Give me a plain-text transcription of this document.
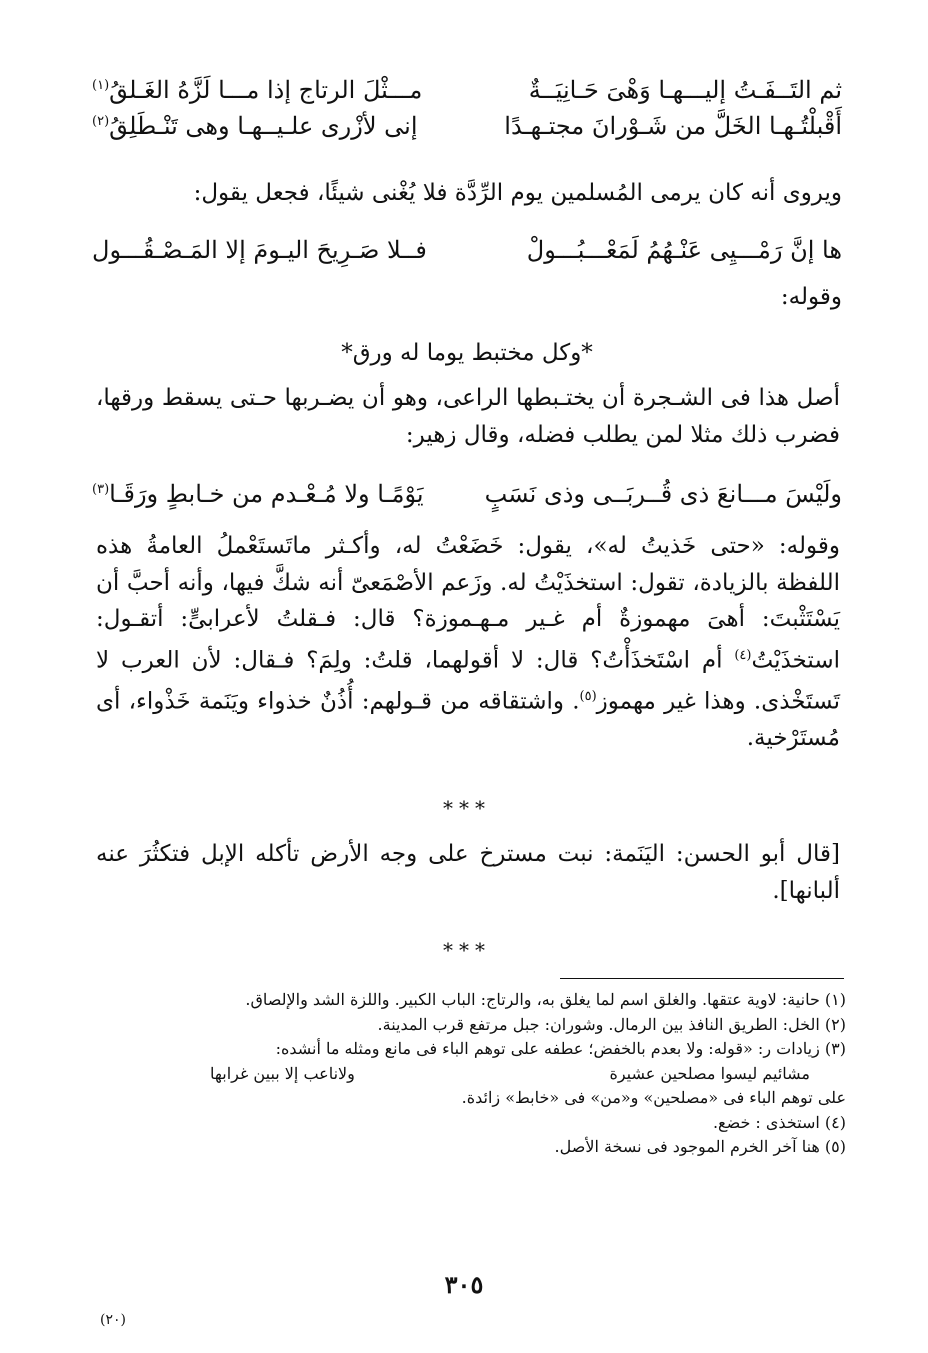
ثم التَــفَـتُ إليـــهـا وَهْىَ حَـانِيَــةٌ
مـــثْلَ الرتاج إذا مـــا لَزَّهُ الغَـلقُ$^{(١)}$
أَقْبلْتُـهـا الخَلَّ من شَـوْرانَ مجتـهـدًا
إنى لأزْرى علـيــهـا وهى تَنْـطَلِقُ$^{(٢)}$
ويروى أنه كان يرمى المُسلمين يوم الرِّدَّة فلا يُغْنى شيئًا، فجعل يقول:
ها إنَّ رَمْـــيِى عَنْـهُمُ لَمَعْـــبُـــولْ
فــلا صَـرِيحَ اليـومَ إلا المَـصْـقُـــول
وقوله:
*وكل مختبط يوما له ورق*

أصل هذا فى الشـجرة أن يختـبطها الراعى، وهو أن يضـربها حـتى يسقط ورقها، فضرب ذلك مثلا لمن يطلب فضله، وقال زهير:

ولَيْسَ مـــانعَ ذى قُــربَــى وذى نَسَبٍ
يَوْمًـا ولا مُـعْـدم من خـابطٍ ورَقَـا$^{(٣)}$

وقوله: «حتى خَذيتُ له»، يقول: خَضَعْتُ له، وأكـثر ماتَستَعْملُ العامةُ هذه اللفظة بالزيادة، تقول: استخذَيْتُ له. وزَعم الأصْمَعىّ أنه شكَّ فيها، وأنه أحبَّ أن يَسْتَثْبتَ: أهىَ مهموزةٌ أم غـير مـهـموزة؟ قال: فـقلتُ لأعرابىٍّ: أتقـول: استخذَيْتُ$^{(٤)}$ أم اسْتَخذَأْتُ؟ قال: لا أقولهما، قلتُ: ولِمَ؟ فـقال: لأن العرب لا تَستَخْذى. وهذا غير مهموز$^{(٥)}$. واشتقاقه من قـولهم: أُذُنٌ خذواء ويَنَمة خَذْواء، أى مُستَرْخية.

***

[قال أبو الحسن: اليَنَمة: نبت مسترخ على وجه الأرض تأكله الإبل فتكثُرَ عنه ألبانها].

***

(١) حانية: لاوية عتقها. والغلق اسم لما يغلق به، والرتاج: الباب الكبير. واللزة الشد والإلصاق.

(٢) الخل: الطريق النافذ بين الرمال. وشوران: جبل مرتفع قرب المدينة.

(٣) زيادات ر: «قوله: ولا بعدم بالخفض؛ عطفه على توهم الباء فى مانع ومثله ما أنشده:

مشائيم ليسوا مصلحين عشيرة
ولاناعب إلا ببين غرابها

على توهم الباء فى «مصلحين» و«من» فى «خابط» زائدة.

(٤) استخذى : خضع.

(٥) هنا آخر الخرم الموجود فى نسخة الأصل.

٣٠٥
(٢٠)
